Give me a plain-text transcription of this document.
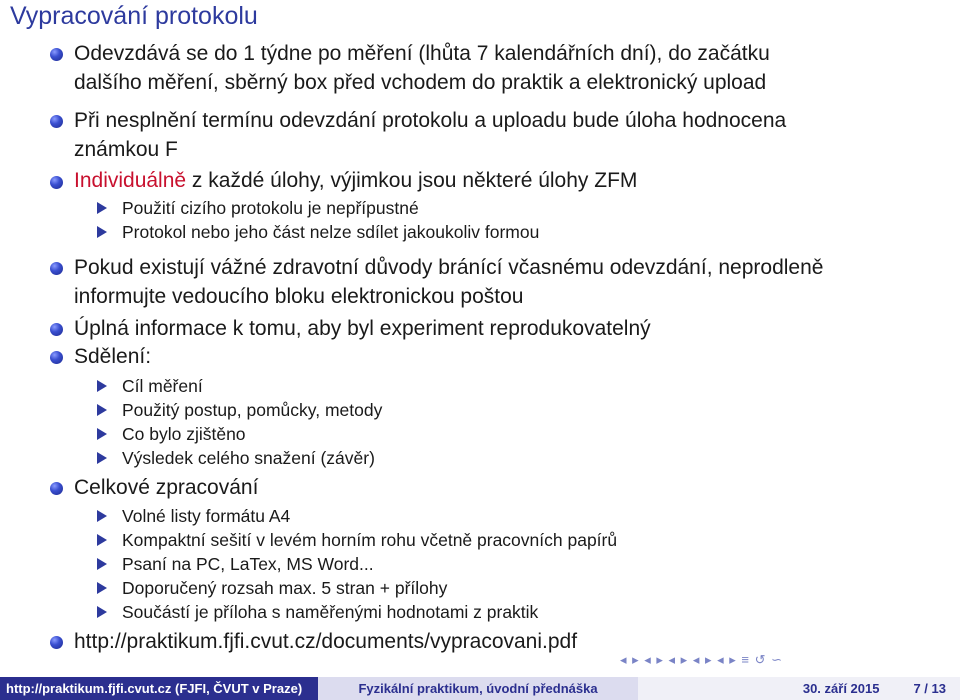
Vypracování protokolu
Odevzdává se do 1 týdne po měření (lhůta 7 kalendářních dní), do začátku
dalšího měření, sběrný box před vchodem do praktik a elektronický upload
Při nesplnění termínu odevzdání protokolu a uploadu bude úloha hodnocena
známkou F
Individuálně z každé úlohy, výjimkou jsou některé úlohy ZFM
Použití cizího protokolu je nepřípustné
Protokol nebo jeho část nelze sdílet jakoukoliv formou
Pokud existují vážné zdravotní důvody bránící včasnému odevzdání, neprodleně
informujte vedoucího bloku elektronickou poštou
Úplná informace k tomu, aby byl experiment reprodukovatelný
Sdělení:
Cíl měření
Použitý postup, pomůcky, metody
Co bylo zjištěno
Výsledek celého snažení (závěr)
Celkové zpracování
Volné listy formátu A4
Kompaktní sešití v levém horním rohu včetně pracovních papírů
Psaní na PC, LaTex, MS Word...
Doporučený rozsah max. 5 stran + přílohy
Součástí je příloha s naměřenými hodnotami z praktik
http://praktikum.fjfi.cvut.cz/documents/vypracovani.pdf
◂ ▸ ◂ ▸ ◂ ▸ ◂ ▸ ◂ ▸ ≡ ↺ ∽
http://praktikum.fjfi.cvut.cz (FJFI, ČVUT v Praze)	Fyzikální praktikum, úvodní přednáška	30. září 2015	7 / 13
